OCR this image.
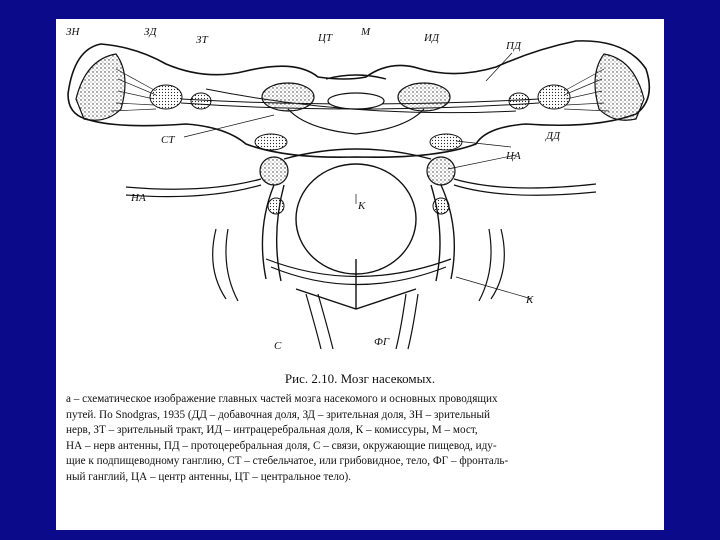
ЗН	ЗД
ЗТ	ЦТ	М	ИД
ПД
СТ	ДД
ЦА
НА
К
К
С	ФГ
Рис. 2.10. Мозг насекомых.
а – схематическое изображение главных частей мозга насекомого и основных проводящих
путей. По Snodgras, 1935 (ДД – добавочная доля, ЗД – зрительная доля, ЗН – зрительный
нерв, ЗТ – зрительный тракт, ИД – интрацеребральная доля, К – комиссуры, М – мост,
НА – нерв антенны, ПД – протоцеребральная доля, С – связи, окружающие пищевод, иду-
щие к подпищеводному ганглию, СТ – стебельчатое, или грибовидное, тело, ФГ – фронталь-
ный ганглий, ЦА – центр антенны, ЦТ – центральное тело).
